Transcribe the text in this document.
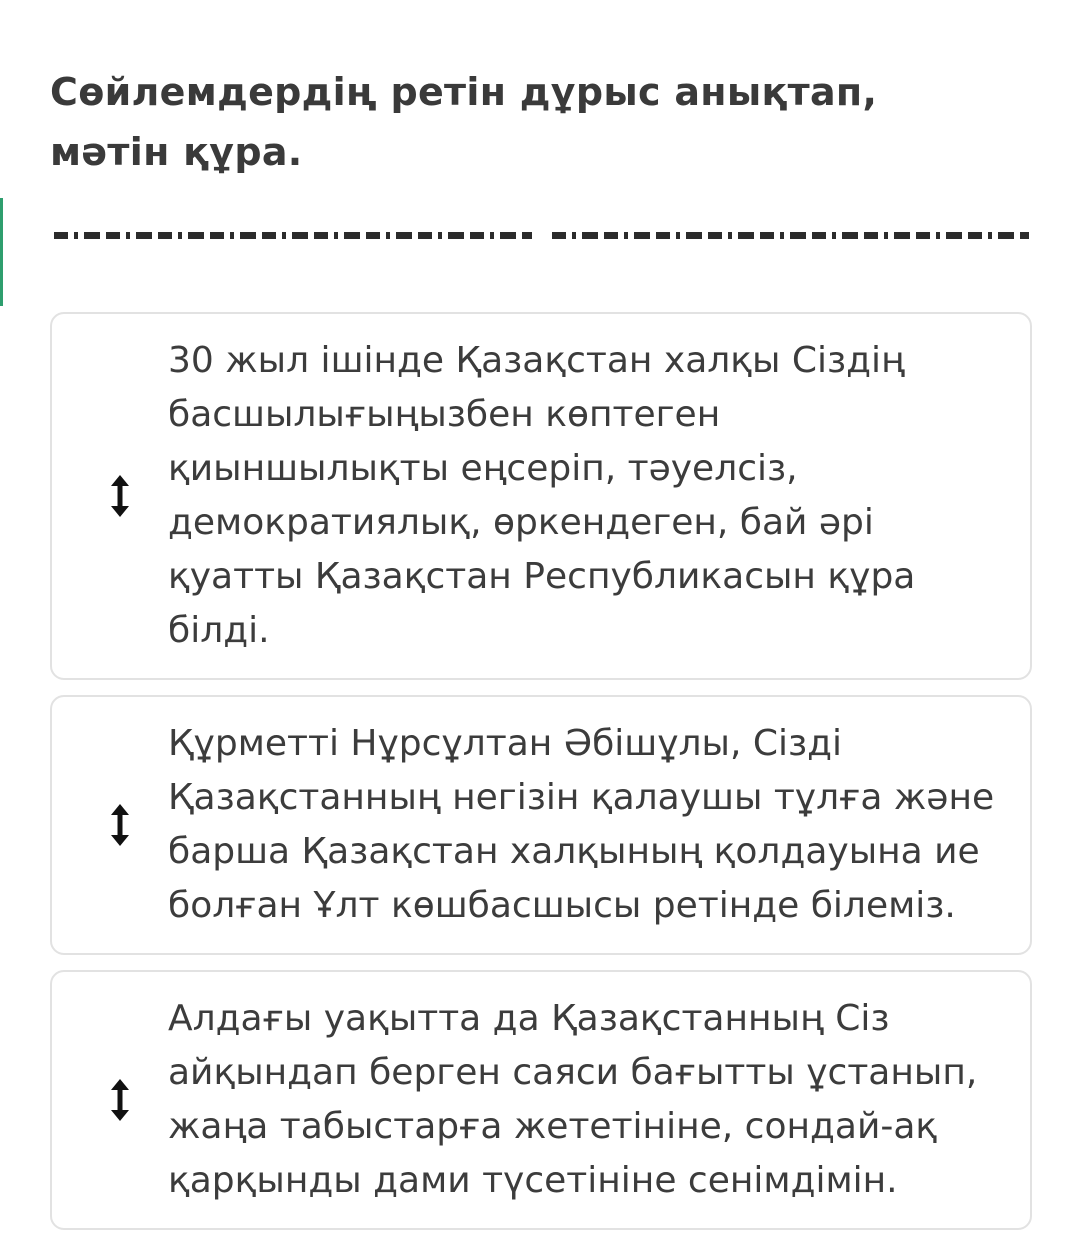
Сөйлемдердің ретін дұрыс анықтап, мәтін құра.

30 жыл ішінде Қазақстан халқы Сіздің басшылығыңызбен көптеген қиыншылықты еңсеріп, тәуелсіз, демократиялық, өркендеген, бай әрі қуатты Қазақстан Республикасын құра білді.

Құрметті Нұрсұлтан Әбішұлы, Сізді Қазақстанның негізін қалаушы тұлға және барша Қазақстан халқының қолдауына ие болған Ұлт көшбасшысы ретінде білеміз.

Алдағы уақытта да Қазақстанның Сіз айқындап берген саяси бағытты ұстанып, жаңа табыстарға жететініне, сондай-ақ қарқынды дами түсетініне сенімдімін.
